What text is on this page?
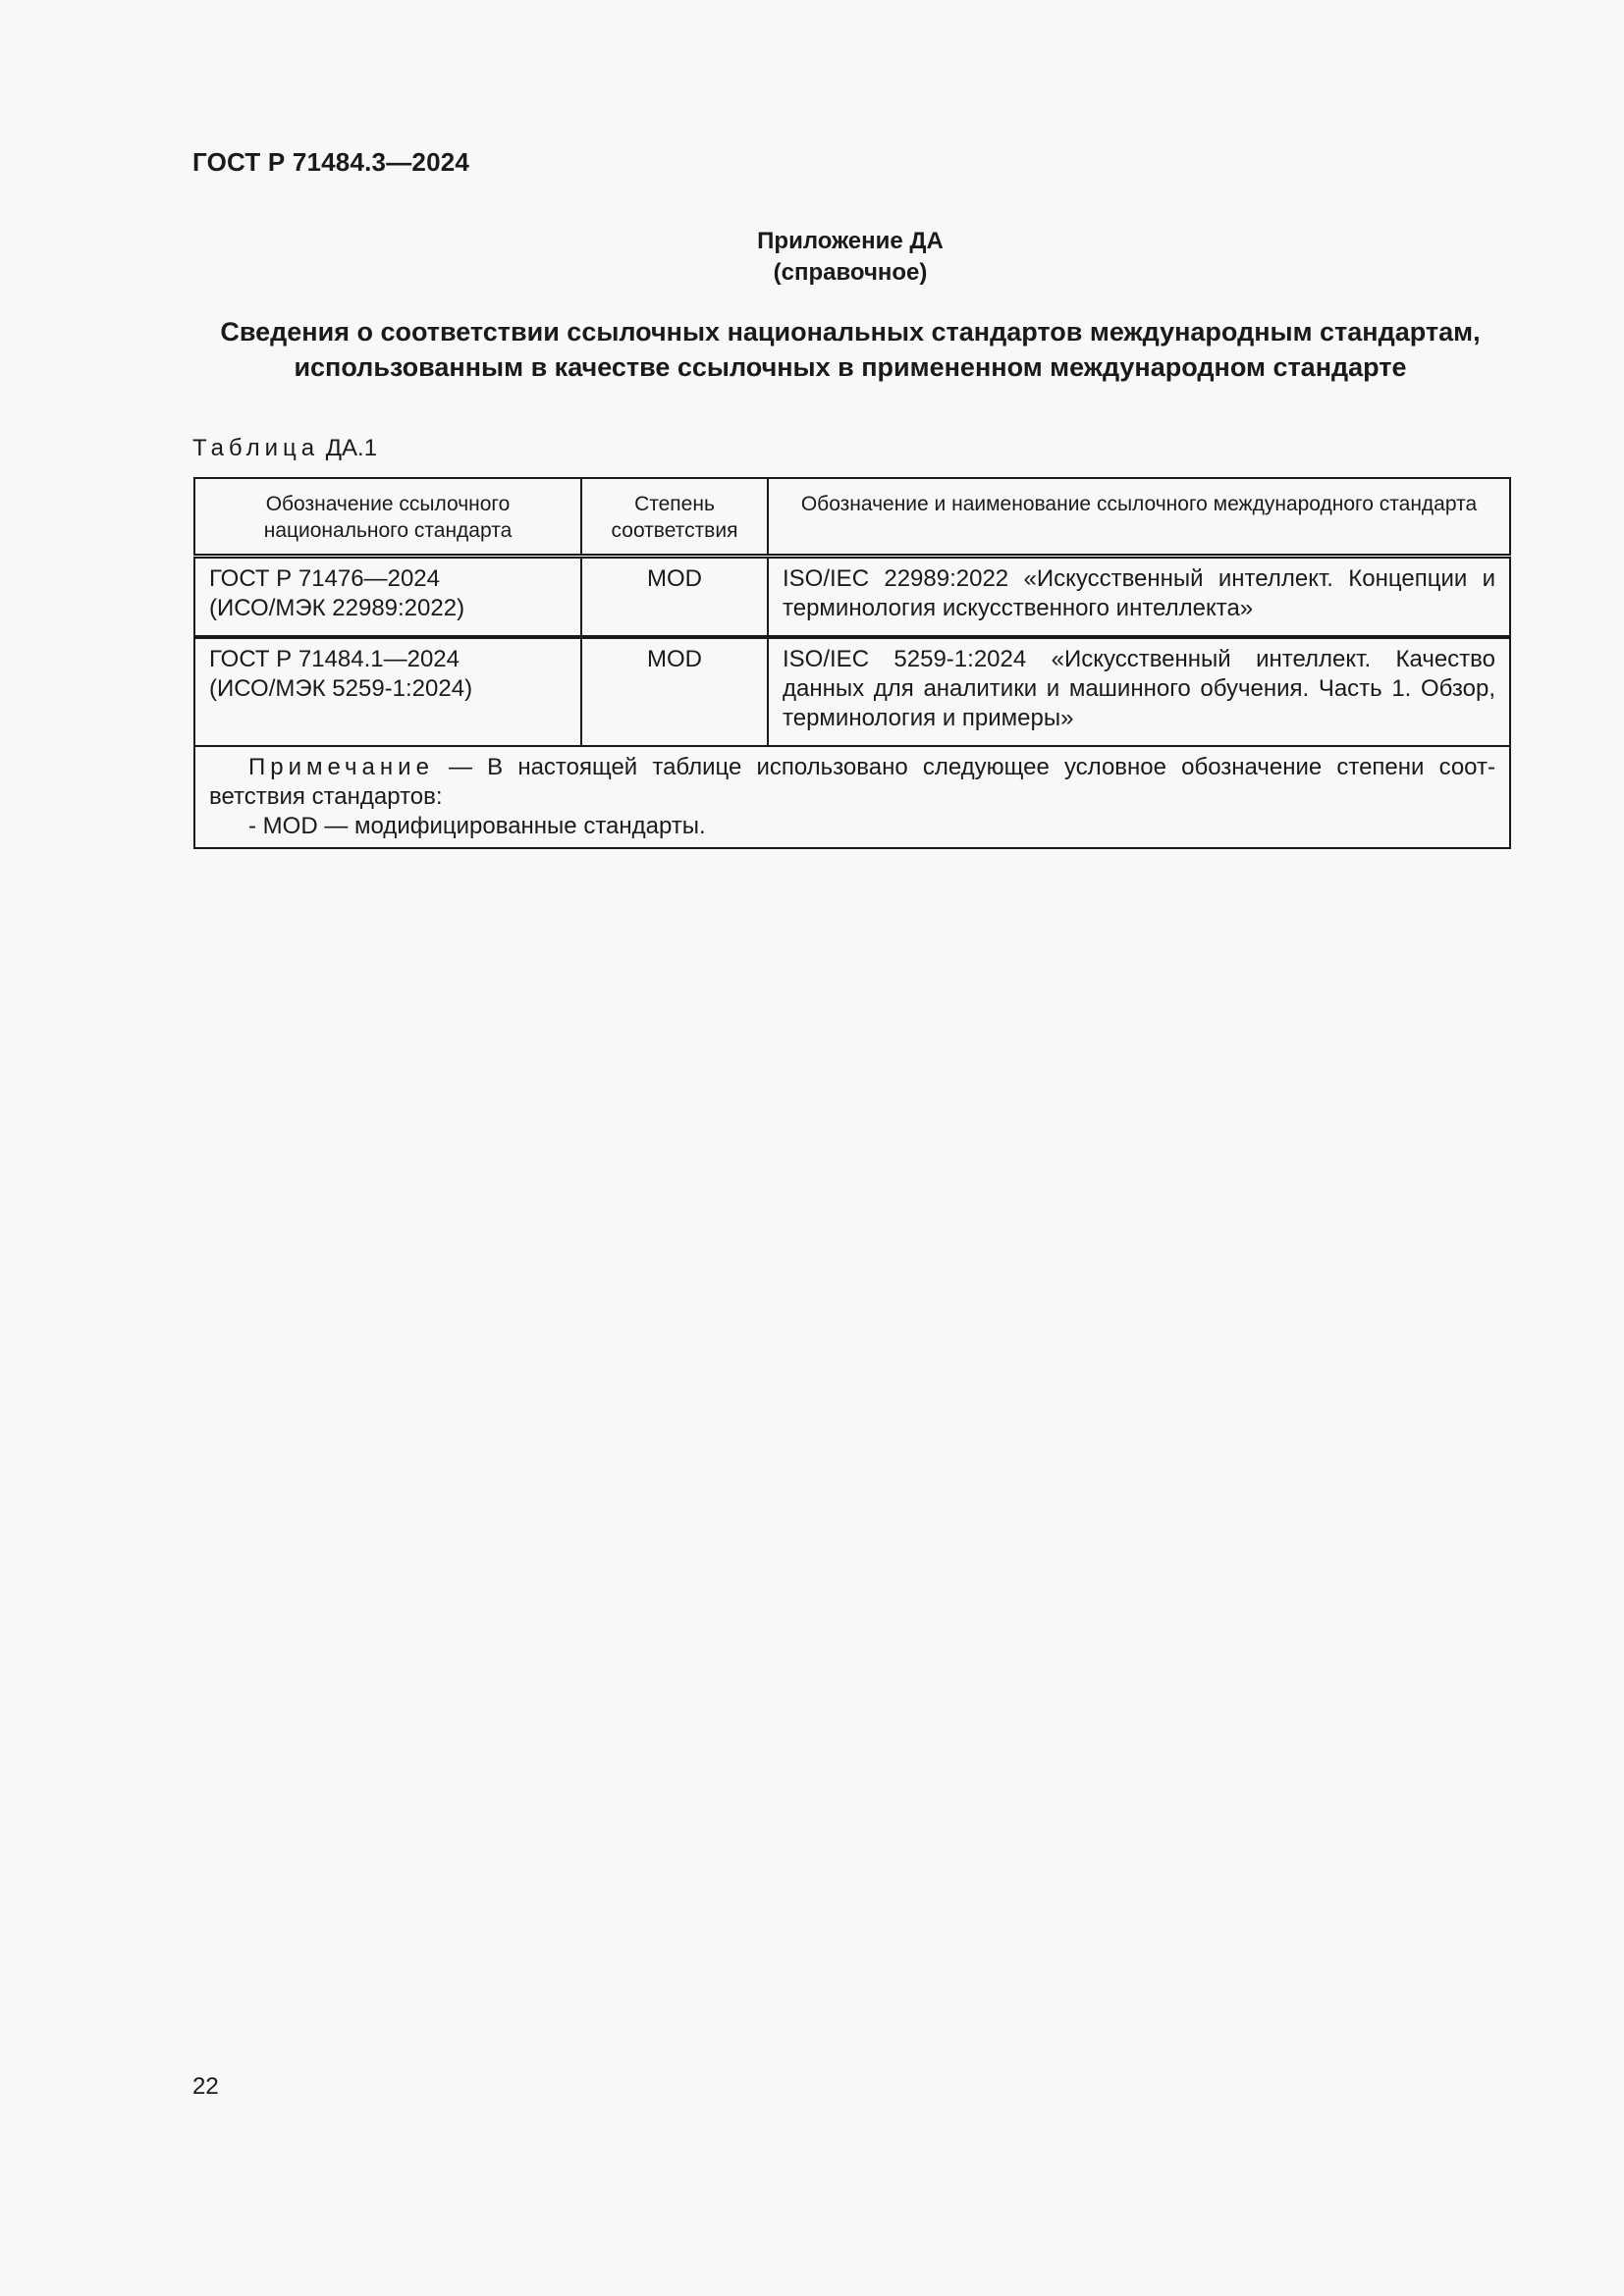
ГОСТ Р 71484.3—2024
Приложение ДА
(справочное)
Сведения о соответствии ссылочных национальных стандартов международным стандартам,
использованным в качестве ссылочных в примененном международном стандарте
Таблица ДА.1
Обозначение ссылочного национального стандарта	Степень соответствия	Обозначение и наименование ссылочного международного стандарта

ГОСТ Р 71476—2024
(ИСО/МЭК 22989:2022)	MOD	ISO/IEC 22989:2022 «Искусственный интеллект. Концепции и терминология искусственного интеллекта»

ГОСТ Р 71484.1—2024
(ИСО/МЭК 5259-1:2024)	MOD	ISO/IEC 5259-1:2024 «Искусственный интеллект. Качество данных для аналитики и машинного обучения. Часть 1. Обзор, терминология и примеры»

Примечание — В настоящей таблице использовано следующее условное обозначение степени соответствия стандартов:
- MOD — модифицированные стандарты.		
22
